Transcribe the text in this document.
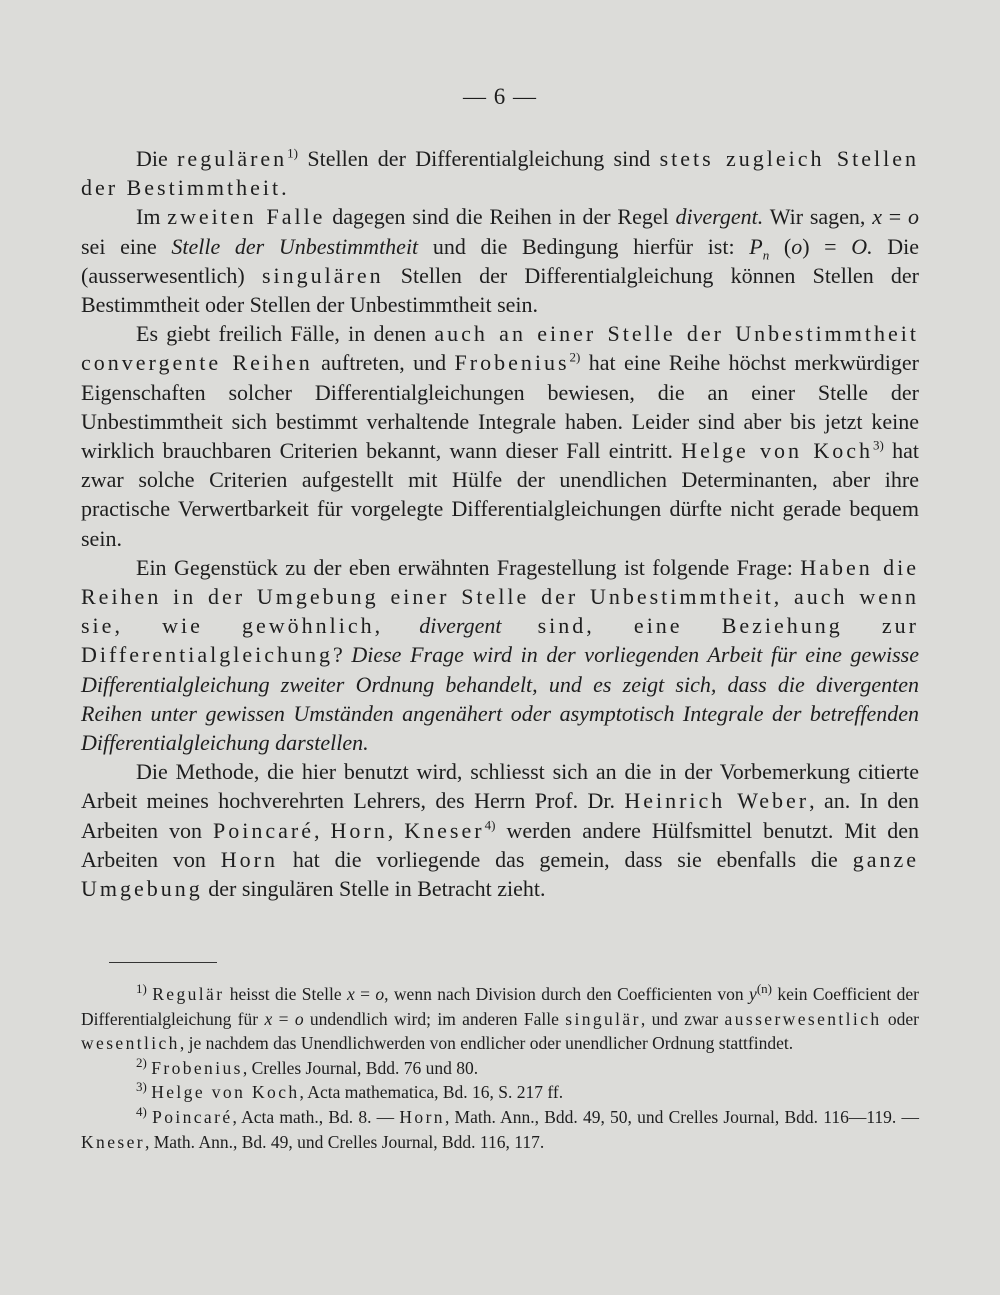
— 6 —

Die regulären$^{1)}$ Stellen der Differentialgleichung sind stets zugleich Stellen der Bestimmtheit.

Im zweiten Falle dagegen sind die Reihen in der Regel divergent. Wir sagen, x = o sei eine Stelle der Unbestimmtheit und die Bedingung hierfür ist: $P_n$ (o) = O. Die (ausserwesentlich) singulären Stellen der Differentialgleichung können Stellen der Bestimmtheit oder Stellen der Unbestimmtheit sein.

Es giebt freilich Fälle, in denen auch an einer Stelle der Unbestimmtheit convergente Reihen auftreten, und Frobenius$^{2)}$ hat eine Reihe höchst merkwürdiger Eigenschaften solcher Differentialgleichungen bewiesen, die an einer Stelle der Unbestimmtheit sich bestimmt verhaltende Integrale haben. Leider sind aber bis jetzt keine wirklich brauchbaren Criterien bekannt, wann dieser Fall eintritt. Helge von Koch$^{3)}$ hat zwar solche Criterien aufgestellt mit Hülfe der unendlichen Determinanten, aber ihre practische Verwertbarkeit für vorgelegte Differentialgleichungen dürfte nicht gerade bequem sein.

Ein Gegenstück zu der eben erwähnten Fragestellung ist folgende Frage: Haben die Reihen in der Umgebung einer Stelle der Unbestimmtheit, auch wenn sie, wie gewöhnlich, divergent sind, eine Beziehung zur Differentialgleichung? Diese Frage wird in der vorliegenden Arbeit für eine gewisse Differentialgleichung zweiter Ordnung behandelt, und es zeigt sich, dass die divergenten Reihen unter gewissen Umständen angenähert oder asymptotisch Integrale der betreffenden Differentialgleichung darstellen.

Die Methode, die hier benutzt wird, schliesst sich an die in der Vorbemerkung citierte Arbeit meines hochverehrten Lehrers, des Herrn Prof. Dr. Heinrich Weber, an. In den Arbeiten von Poincaré, Horn, Kneser$^{4)}$ werden andere Hülfsmittel benutzt. Mit den Arbeiten von Horn hat die vorliegende das gemein, dass sie ebenfalls die ganze Umgebung der singulären Stelle in Betracht zieht.

$^{1)}$ Regulär heisst die Stelle x = o, wenn nach Division durch den Coefficienten von $y^{(n)}$ kein Coefficient der Differentialgleichung für x = o undendlich wird; im anderen Falle singulär, und zwar ausserwesentlich oder wesentlich, je nachdem das Unendlichwerden von endlicher oder unendlicher Ordnung stattfindet.

$^{2)}$ Frobenius, Crelles Journal, Bdd. 76 und 80.

$^{3)}$ Helge von Koch, Acta mathematica, Bd. 16, S. 217 ff.

$^{4)}$ Poincaré, Acta math., Bd. 8. — Horn, Math. Ann., Bdd. 49, 50, und Crelles Journal, Bdd. 116—119. — Kneser, Math. Ann., Bd. 49, und Crelles Journal, Bdd. 116, 117.
